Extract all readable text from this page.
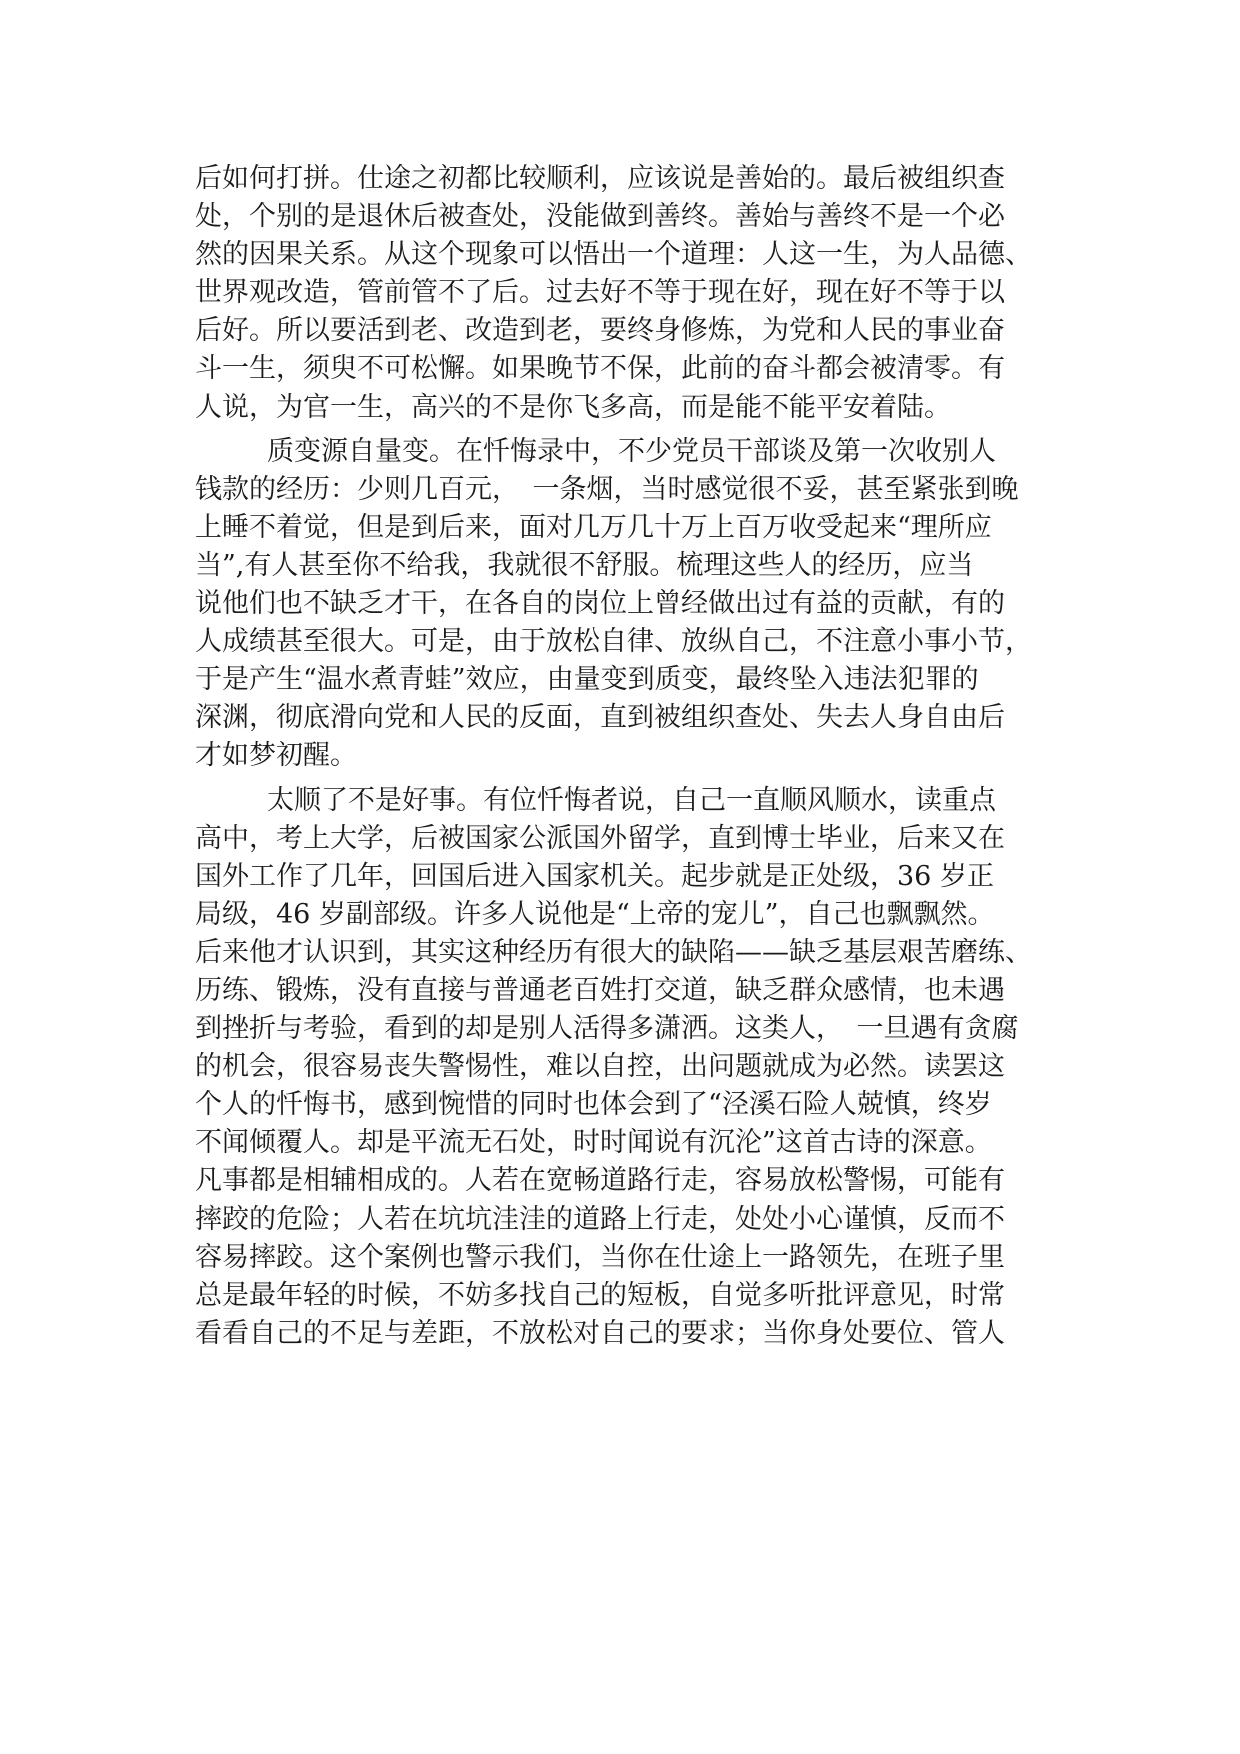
后如何打拼。仕途之初都比较顺利，应该说是善始的。最后被组织查
处，个别的是退休后被查处，没能做到善终。善始与善终不是一个必
然的因果关系。从这个现象可以悟出一个道理：人这一生，为人品德、
世界观改造，管前管不了后。过去好不等于现在好，现在好不等于以
后好。所以要活到老、改造到老，要终身修炼，为党和人民的事业奋
斗一生，须臾不可松懈。如果晚节不保，此前的奋斗都会被清零。有
人说，为官一生，高兴的不是你飞多高，而是能不能平安着陆。
质变源自量变。在忏悔录中，不少党员干部谈及第一次收别人
钱款的经历：少则几百元，　一条烟，当时感觉很不妥，甚至紧张到晚
上睡不着觉，但是到后来，面对几万几十万上百万收受起来“理所应
当”,有人甚至你不给我，我就很不舒服。梳理这些人的经历，应当
说他们也不缺乏才干，在各自的岗位上曾经做出过有益的贡献，有的
人成绩甚至很大。可是，由于放松自律、放纵自己，不注意小事小节，
于是产生“温水煮青蛙”效应，由量变到质变，最终坠入违法犯罪的
深渊，彻底滑向党和人民的反面，直到被组织查处、失去人身自由后
才如梦初醒。
太顺了不是好事。有位忏悔者说，自己一直顺风顺水，读重点
高中，考上大学，后被国家公派国外留学，直到博士毕业，后来又在
国外工作了几年，回国后进入国家机关。起步就是正处级，36 岁正
局级，46 岁副部级。许多人说他是“上帝的宠儿”，自己也飘飘然。
后来他才认识到，其实这种经历有很大的缺陷——缺乏基层艰苦磨练、
历练、锻炼，没有直接与普通老百姓打交道，缺乏群众感情，也未遇
到挫折与考验，看到的却是别人活得多潇洒。这类人，　一旦遇有贪腐
的机会，很容易丧失警惕性，难以自控，出问题就成为必然。读罢这
个人的忏悔书，感到惋惜的同时也体会到了“泾溪石险人兢慎，终岁
不闻倾覆人。却是平流无石处，时时闻说有沉沦”这首古诗的深意。
凡事都是相辅相成的。人若在宽畅道路行走，容易放松警惕，可能有
摔跤的危险；人若在坑坑洼洼的道路上行走，处处小心谨慎，反而不
容易摔跤。这个案例也警示我们，当你在仕途上一路领先，在班子里
总是最年轻的时候，不妨多找自己的短板，自觉多听批评意见，时常
看看自己的不足与差距，不放松对自己的要求；当你身处要位、管人
